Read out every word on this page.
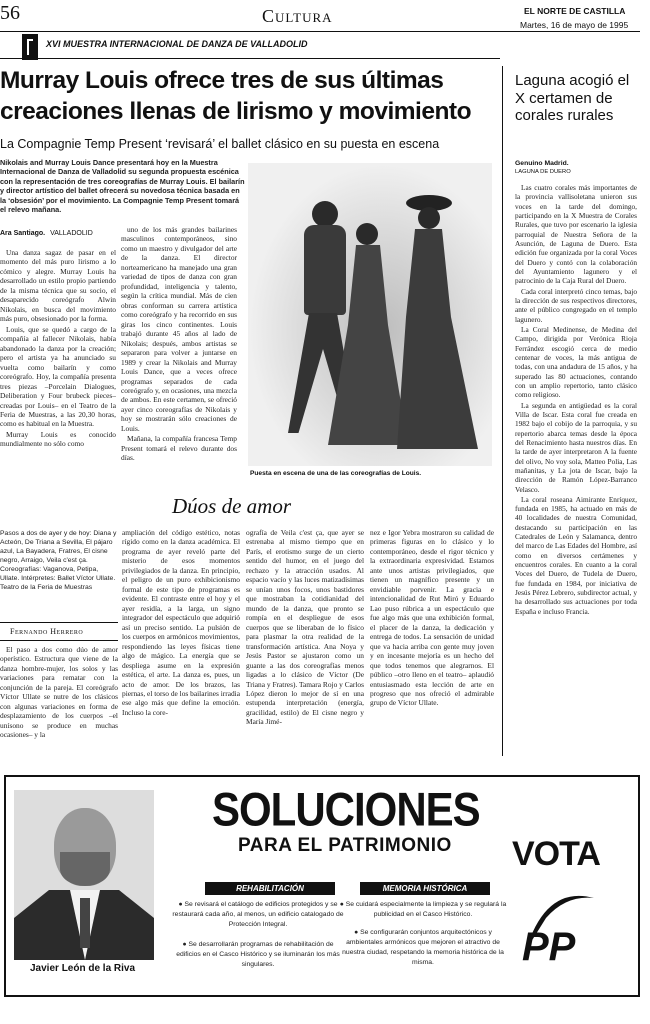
56	Cultura	EL NORTE DE CASTILLA
Martes, 16 de mayo de 1995
XVI MUESTRA INTERNACIONAL DE DANZA DE VALLADOLID
Murray Louis ofrece tres de sus últimas
creaciones llenas de lirismo y movimiento
La Compagnie Temp Present ‘revisará’ el ballet clásico en su puesta en escena
Nikolais and Murray Louis Dance presentará hoy en la Muestra Internacional de Danza de Valladolid su segunda propuesta escénica con la representación de tres coreografías de Murray Louis. El bailarín y director artístico del ballet ofrecerá su novedosa técnica basada en la ‘obsesión’ por el movimiento. La Compagnie Temp Present tomará el relevo mañana.
Ara Santiago. VALLADOLID

Una danza sagaz de pasar en el momento del más puro lirismo a lo cómico y alegre. Murray Louis ha desarrollado un estilo propio partiendo de la misma técnica que su socio, el desaparecido coreógrafo Alwin Nikolais, en busca del movimiento más puro, obsesionado por la forma.

Louis, que se quedó a cargo de la compañía al fallecer Nikolais, había abandonado la danza por la creación; pero el artista ya ha anunciado su vuelta como bailarín y como coreógrafo. Hoy, la compañía presenta tres piezas –Porcelain Dialogues, Deliberation y Four brubeck pieces– creadas por Louis– en el Teatro de la Feria de Muestras, a las 20,30 horas, como es habitual en la Muestra.

Murray Louis es conocido mundialmente no sólo como

uno de los más grandes bailarines masculinos contemporáneos, sino como un maestro y divulgador del arte de la danza. El director norteamericano ha manejado una gran variedad de tipos de danza con gran profundidad, inteligencia y talento, según la crítica mundial. Más de cien obras conforman su carrera artística como coreógrafo y ha recorrido en sus giras los cinco continentes. Louis trabajó durante 45 años al lado de Nikolais; después, ambos artistas se separaron para volver a juntarse en 1989 y crear la Nikolais and Murray Louis Dance, que a veces ofrece programas separados de cada coreógrafo y, en ocasiones, una mezcla de ambos. En este certamen, se ofreció ayer cinco coreografías de Nikolais y hoy se mostrarán sólo creaciones de Louis.

Mañana, la compañía francesa Temp Present tomará el relevo durante dos días.

Puesta en escena de una de las coreografías de Louis.
Dúos de amor
Pasos a dos de ayer y de hoy: Diana y Acteón, De Triana a Sevilla, El pájaro azul, La Bayadera, Fratres, El cisne negro, Arraigo, Veila c'est ça. Coreografías: Vaganova, Petipa, Ullate. Intérpretes: Ballet Víctor Ullate. Teatro de la Feria de Muestras
Fernando Herrero

El paso a dos como dúo de amor operístico. Estructura que viene de la danza hombre-mujer, los solos y las variaciones para rematar con la conjunción de la pareja. El coreógrafo Víctor Ullate se nutre de los clásicos con algunas variaciones en forma de desplazamiento de los cuerpos –el unísono se produce en muchas ocasiones– y la

ampliación del código estético, notas rígido como en la danza académica. El programa de ayer reveló parte del misterio de esos momentos privilegiados de la danza. En principio, el peligro de un puro exhibicionismo formal de este tipo de programas es evidente. El contraste entre el hoy y el ayer residía, a la larga, un signo integrador del espectáculo que adquirió así un preciso sentido. La pulsión de los cuerpos en armónicos movimientos, respondiendo las leyes físicas tiene algo de mágico. La energía que se despliega asume en la expresión estética, el arte. La danza es, pues, un acto de amor. De los brazos, las piernas, el torso de los bailarines irradia ese algo más que define la emoción. Incluso la core-

ografía de Veila c'est ça, que ayer se estrenaba al mismo tiempo que en París, el erotismo surge de un cierto sentido del humor, en el juego del rechazo y la atracción usados. Al espacio vacío y las luces matizadísimas se unían unos focos, unos bastidores que mostraban la cotidianidad del mundo de la danza, que pronto se rompía en el despliegue de esos cuerpos que se liberaban de lo físico para plasmar la otra realidad de la transformación artística. Ana Noya y Jesús Pastor se ajustaron como un guante a las dos coreografías menos ligadas a lo clásico de Víctor (De Triana y Fratres). Tamara Rojo y Carlos López dieron lo mejor de sí en una estupenda interpretación (energía, gracilidad, estilo) de El cisne negro y María Jimé-

nez e Igor Yebra mostraron su calidad de primeras figuras en lo clásico y lo contemporáneo, desde el rigor técnico y la extraordinaria expresividad. Estamos ante unos artistas privilegiados, que tienen un magnífico presente y un envidiable porvenir. La gracia e intencionalidad de Rut Miró y Eduardo Lao puso rúbrica a un espectáculo que fue algo más que una exhibición formal, el placer de la danza, la dedicación y entrega de todos. La sensación de unidad que va hacia arriba con gente muy joven y en incesante mejoría es un hecho del que todos tenemos que alegrarnos. El público –otro lleno en el teatro– aplaudió entusiasmado esta lección de arte en progreso que nos ofreció el admirable grupo de Víctor Ullate.

Laguna acogió el X certamen de corales rurales
Genuino Madrid.
LAGUNA DE DUERO

Las cuatro corales más importantes de la provincia vallisoletana unieron sus voces en la tarde del domingo, participando en la X Muestra de Corales Rurales, que tuvo por escenario la iglesia parroquial de Nuestra Señora de la Asunción, de Laguna de Duero. Esta edición fue organizada por la coral Voces del Duero y contó con la colaboración del Ayuntamiento lagunero y el patrocinio de la Caja Rural del Duero.

Cada coral interpretó cinco temas, bajo la dirección de sus respectivos directores, ante el público congregado en el templo lagunero.

La Coral Medinense, de Medina del Campo, dirigida por Verónica Rioja Ferrández escogió cerca de medio centenar de voces, la más antigua de todas, con una andadura de 15 años, y ha superado las 80 actuaciones, contando con un amplio repertorio, tanto clásico como religioso.

La segunda en antigüedad es la coral Villa de Iscar. Esta coral fue creada en 1982 bajo el cobijo de la parroquia, y su repertorio abarca temas desde la época del Renacimiento hasta nuestros días. En la tarde de ayer interpretaron A la fuente del olivo, No voy sola, Matteo Polia, Las mañanitas, y La jota de Iscar, bajo la dirección de Ramón López-Barranco Velasco.

La coral roseana Aimirante Enríquez, fundada en 1985, ha actuado en más de 40 localidades de nuestra Comunidad, destacando su participación en las Catedrales de León y Salamanca, dentro del marco de Las Edades del Hombre, así como en diversos certámenes y encuentros corales. En cuanto a la coral Voces del Duero, de Tudela de Duero, fue fundada en 1984, por iniciativa de Jesús Pérez Lebrero, subdirector actual, y ha desarrollado sus actuaciones por toda España e incluso Francia.

Javier León de la Riva
SOLUCIONES
PARA EL PATRIMONIO
REHABILITACIÓN
● Se revisará el catálogo de edificios protegidos y se restaurará cada año, al menos, un edificio catalogado de Protección Integral.
● Se desarrollarán programas de rehabilitación de edificios en el Casco Histórico y se iluminarán los más singulares.
MEMORIA HISTÓRICA
● Se cuidará especialmente la limpieza y se regulará la publicidad en el Casco Histórico.
● Se configurarán conjuntos arquitectónicos y ambientales armónicos que mejoren el atractivo de nuestra ciudad, respetando la memoria histórica de la misma.
VOTA
PP
